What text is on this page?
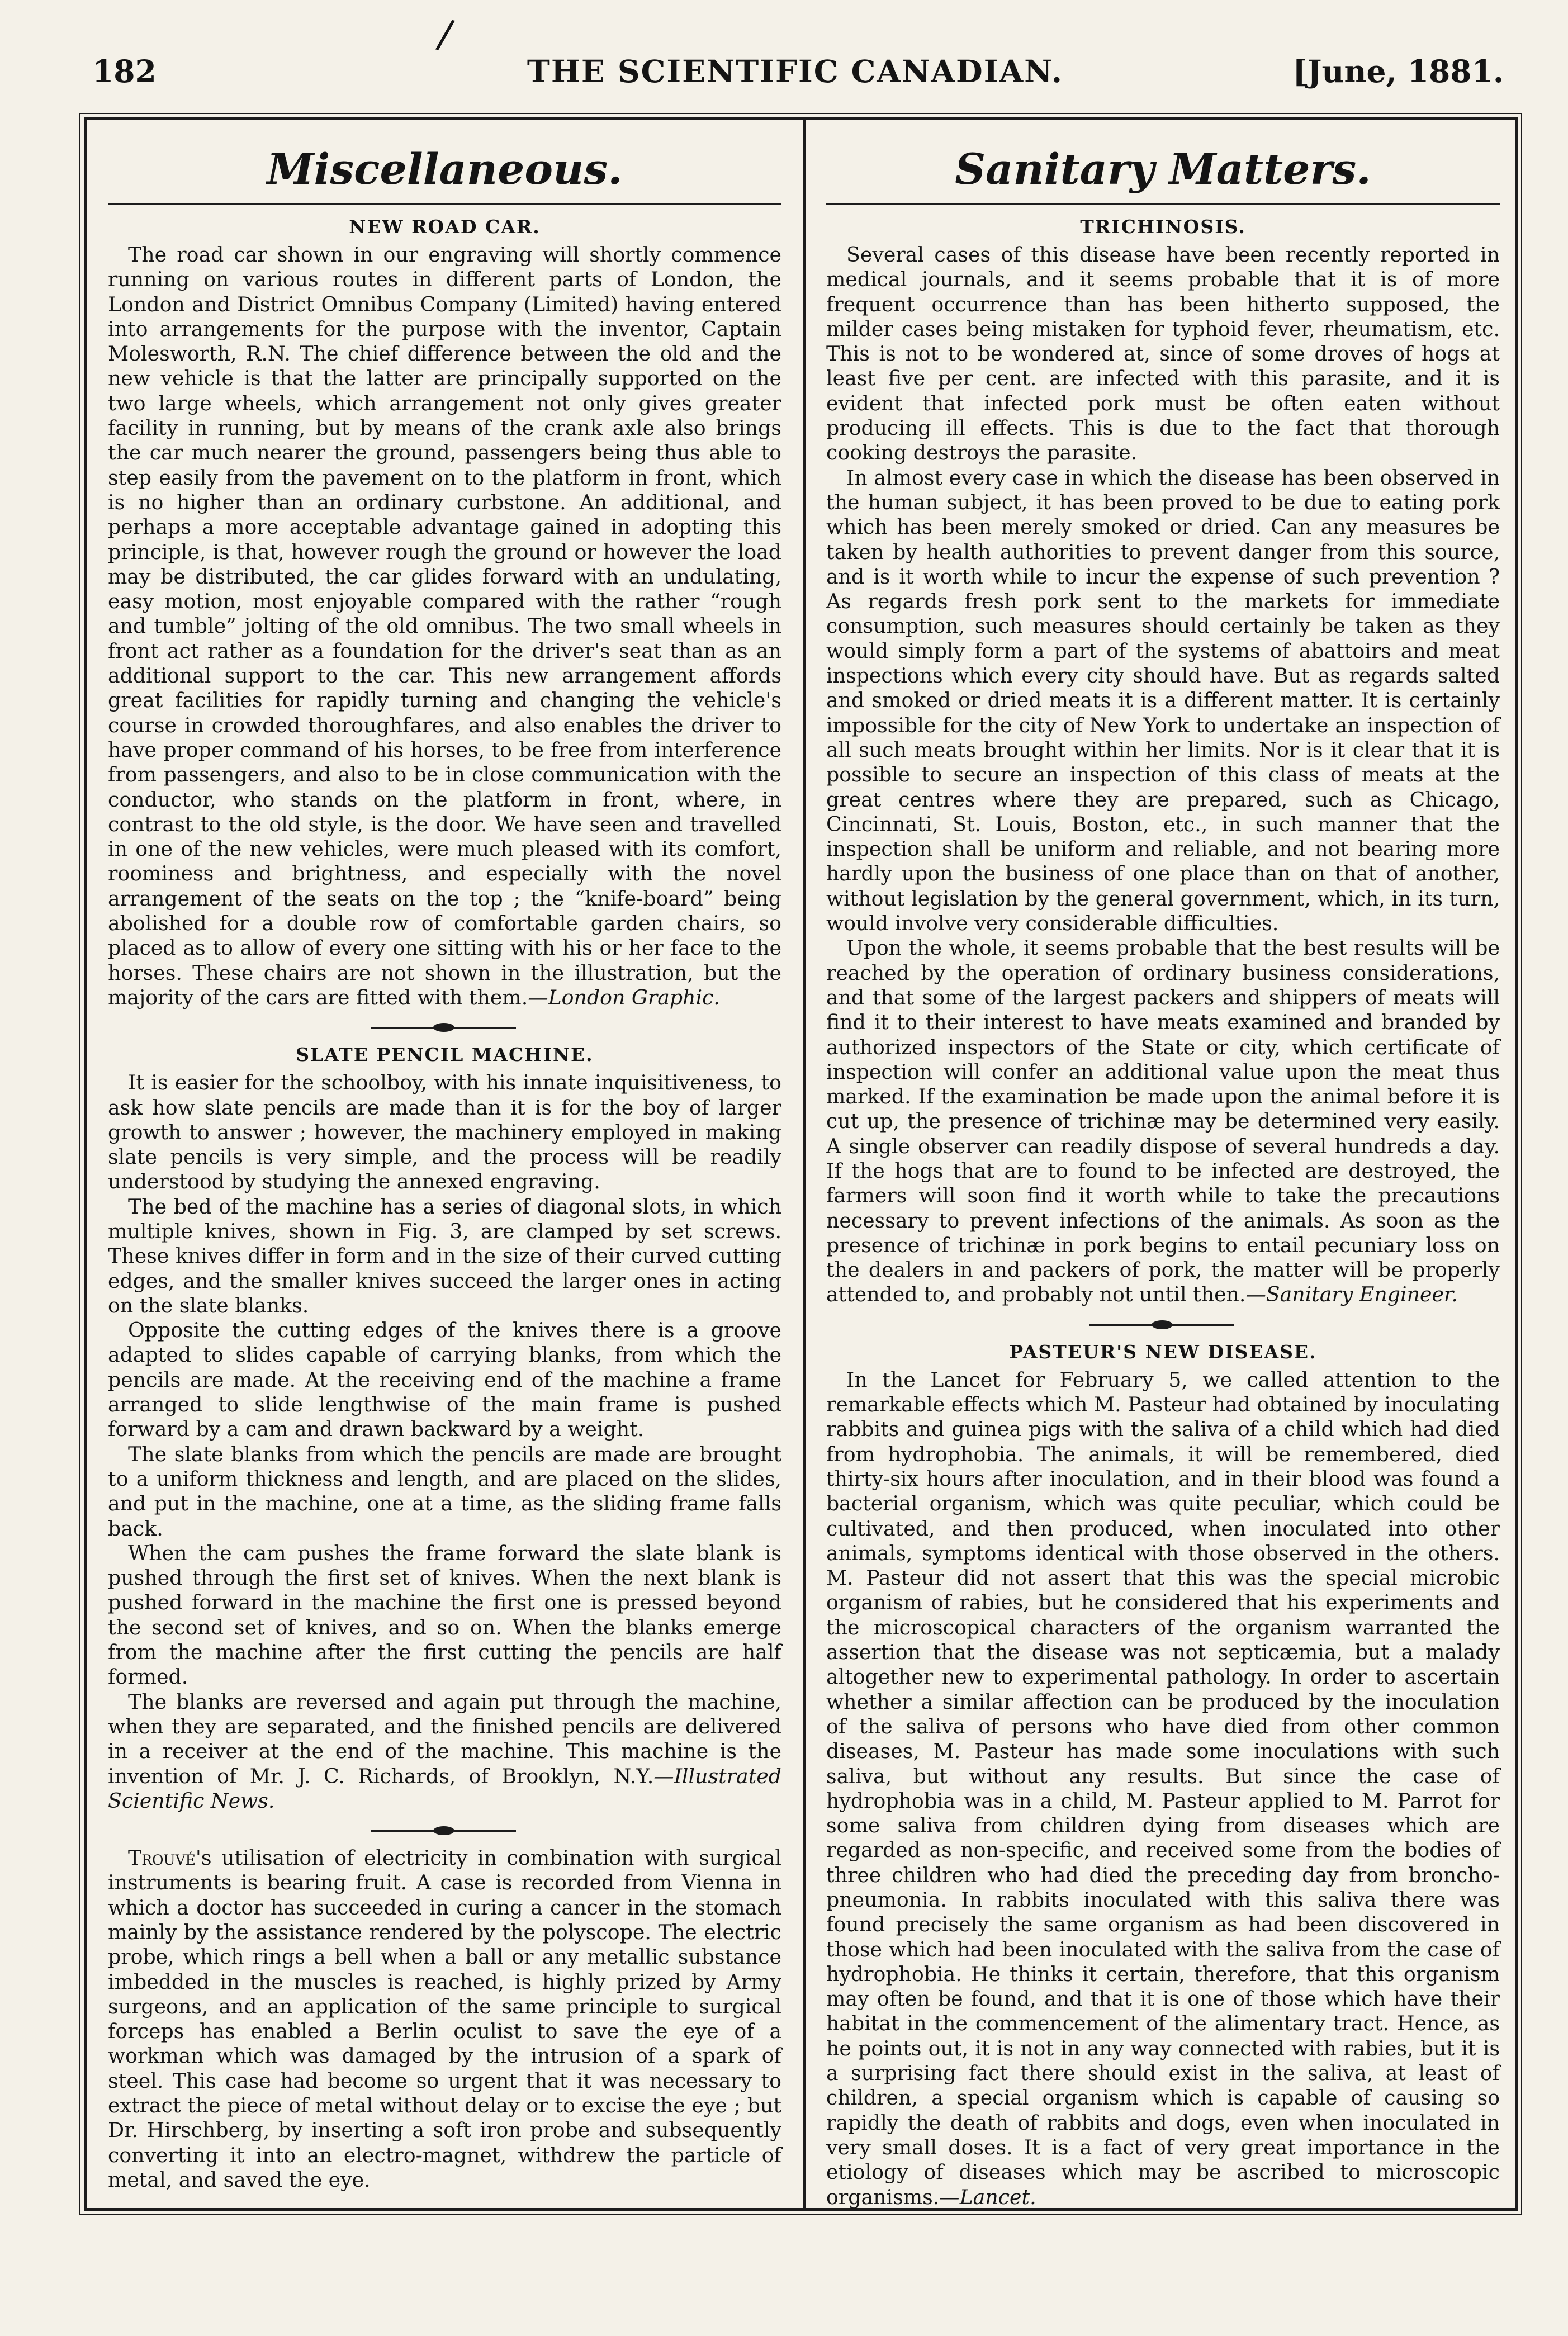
/
182	THE SCIENTIFIC CANADIAN.	[June, 1881.
Miscellaneous.
NEW ROAD CAR.

The road car shown in our engraving will shortly commence running on various routes in different parts of London, the London and District Omnibus Company (Limited) having entered into arrangements for the purpose with the inventor, Captain Molesworth, R.N. The chief difference between the old and the new vehicle is that the latter are principally supported on the two large wheels, which arrangement not only gives greater facility in running, but by means of the crank axle also brings the car much nearer the ground, passengers being thus able to step easily from the pavement on to the platform in front, which is no higher than an ordinary curbstone. An additional, and perhaps a more acceptable advantage gained in adopting this principle, is that, however rough the ground or however the load may be distributed, the car glides forward with an undulating, easy motion, most enjoyable compared with the rather “rough and tumble” jolting of the old omnibus. The two small wheels in front act rather as a foundation for the driver's seat than as an additional support to the car. This new arrangement affords great facilities for rapidly turning and changing the vehicle's course in crowded thoroughfares, and also enables the driver to have proper command of his horses, to be free from interference from passengers, and also to be in close communication with the conductor, who stands on the platform in front, where, in contrast to the old style, is the door. We have seen and travelled in one of the new vehicles, were much pleased with its comfort, roominess and brightness, and especially with the novel arrangement of the seats on the top ; the “knife-board” being abolished for a double row of comfortable garden chairs, so placed as to allow of every one sitting with his or her face to the horses. These chairs are not shown in the illustration, but the majority of the cars are fitted with them.—London Graphic.

SLATE PENCIL MACHINE.

It is easier for the schoolboy, with his innate inquisitiveness, to ask how slate pencils are made than it is for the boy of larger growth to answer ; however, the machinery employed in making slate pencils is very simple, and the process will be readily understood by studying the annexed engraving.

The bed of the machine has a series of diagonal slots, in which multiple knives, shown in Fig. 3, are clamped by set screws. These knives differ in form and in the size of their curved cutting edges, and the smaller knives succeed the larger ones in acting on the slate blanks.

Opposite the cutting edges of the knives there is a groove adapted to slides capable of carrying blanks, from which the pencils are made. At the receiving end of the machine a frame arranged to slide lengthwise of the main frame is pushed forward by a cam and drawn backward by a weight.

The slate blanks from which the pencils are made are brought to a uniform thickness and length, and are placed on the slides, and put in the machine, one at a time, as the sliding frame falls back.

When the cam pushes the frame forward the slate blank is pushed through the first set of knives. When the next blank is pushed forward in the machine the first one is pressed beyond the second set of knives, and so on. When the blanks emerge from the machine after the first cutting the pencils are half formed.

The blanks are reversed and again put through the machine, when they are separated, and the finished pencils are delivered in a receiver at the end of the machine. This machine is the invention of Mr. J. C. Richards, of Brooklyn, N.Y.—Illustrated Scientific News.

Trouvé's utilisation of electricity in combination with surgical instruments is bearing fruit. A case is recorded from Vienna in which a doctor has succeeded in curing a cancer in the stomach mainly by the assistance rendered by the polyscope. The electric probe, which rings a bell when a ball or any metallic substance imbedded in the muscles is reached, is highly prized by Army surgeons, and an application of the same principle to surgical forceps has enabled a Berlin oculist to save the eye of a workman which was damaged by the intrusion of a spark of steel. This case had become so urgent that it was necessary to extract the piece of metal without delay or to excise the eye ; but Dr. Hirschberg, by inserting a soft iron probe and subsequently converting it into an electro-magnet, withdrew the particle of metal, and saved the eye.

Sanitary Matters.
TRICHINOSIS.

Several cases of this disease have been recently reported in medical journals, and it seems probable that it is of more frequent occurrence than has been hitherto supposed, the milder cases being mistaken for typhoid fever, rheumatism, etc. This is not to be wondered at, since of some droves of hogs at least five per cent. are infected with this parasite, and it is evident that infected pork must be often eaten without producing ill effects. This is due to the fact that thorough cooking destroys the parasite.

In almost every case in which the disease has been observed in the human subject, it has been proved to be due to eating pork which has been merely smoked or dried. Can any measures be taken by health authorities to prevent danger from this source, and is it worth while to incur the expense of such prevention ? As regards fresh pork sent to the markets for immediate consumption, such measures should certainly be taken as they would simply form a part of the systems of abattoirs and meat inspections which every city should have. But as regards salted and smoked or dried meats it is a different matter. It is certainly impossible for the city of New York to undertake an inspection of all such meats brought within her limits. Nor is it clear that it is possible to secure an inspection of this class of meats at the great centres where they are prepared, such as Chicago, Cincinnati, St. Louis, Boston, etc., in such manner that the inspection shall be uniform and reliable, and not bearing more hardly upon the business of one place than on that of another, without legislation by the general government, which, in its turn, would involve very considerable difficulties.

Upon the whole, it seems probable that the best results will be reached by the operation of ordinary business considerations, and that some of the largest packers and shippers of meats will find it to their interest to have meats examined and branded by authorized inspectors of the State or city, which certificate of inspection will confer an additional value upon the meat thus marked. If the examination be made upon the animal before it is cut up, the presence of trichinæ may be determined very easily. A single observer can readily dispose of several hundreds a day. If the hogs that are to found to be infected are destroyed, the farmers will soon find it worth while to take the precautions necessary to prevent infections of the animals. As soon as the presence of trichinæ in pork begins to entail pecuniary loss on the dealers in and packers of pork, the matter will be properly attended to, and probably not until then.—Sanitary Engineer.

PASTEUR'S NEW DISEASE.

In the Lancet for February 5, we called attention to the remarkable effects which M. Pasteur had obtained by inoculating rabbits and guinea pigs with the saliva of a child which had died from hydrophobia. The animals, it will be remembered, died thirty-six hours after inoculation, and in their blood was found a bacterial organism, which was quite peculiar, which could be cultivated, and then produced, when inoculated into other animals, symptoms identical with those observed in the others. M. Pasteur did not assert that this was the special microbic organism of rabies, but he considered that his experiments and the microscopical characters of the organism warranted the assertion that the disease was not septicæmia, but a malady altogether new to experimental pathology. In order to ascertain whether a similar affection can be produced by the inoculation of the saliva of persons who have died from other common diseases, M. Pasteur has made some inoculations with such saliva, but without any results. But since the case of hydrophobia was in a child, M. Pasteur applied to M. Parrot for some saliva from children dying from diseases which are regarded as non-specific, and received some from the bodies of three children who had died the preceding day from broncho-pneumonia. In rabbits inoculated with this saliva there was found precisely the same organism as had been discovered in those which had been inoculated with the saliva from the case of hydrophobia. He thinks it certain, therefore, that this organism may often be found, and that it is one of those which have their habitat in the commencement of the alimentary tract. Hence, as he points out, it is not in any way connected with rabies, but it is a surprising fact there should exist in the saliva, at least of children, a special organism which is capable of causing so rapidly the death of rabbits and dogs, even when inoculated in very small doses. It is a fact of very great importance in the etiology of diseases which may be ascribed to microscopic organisms.—Lancet.
